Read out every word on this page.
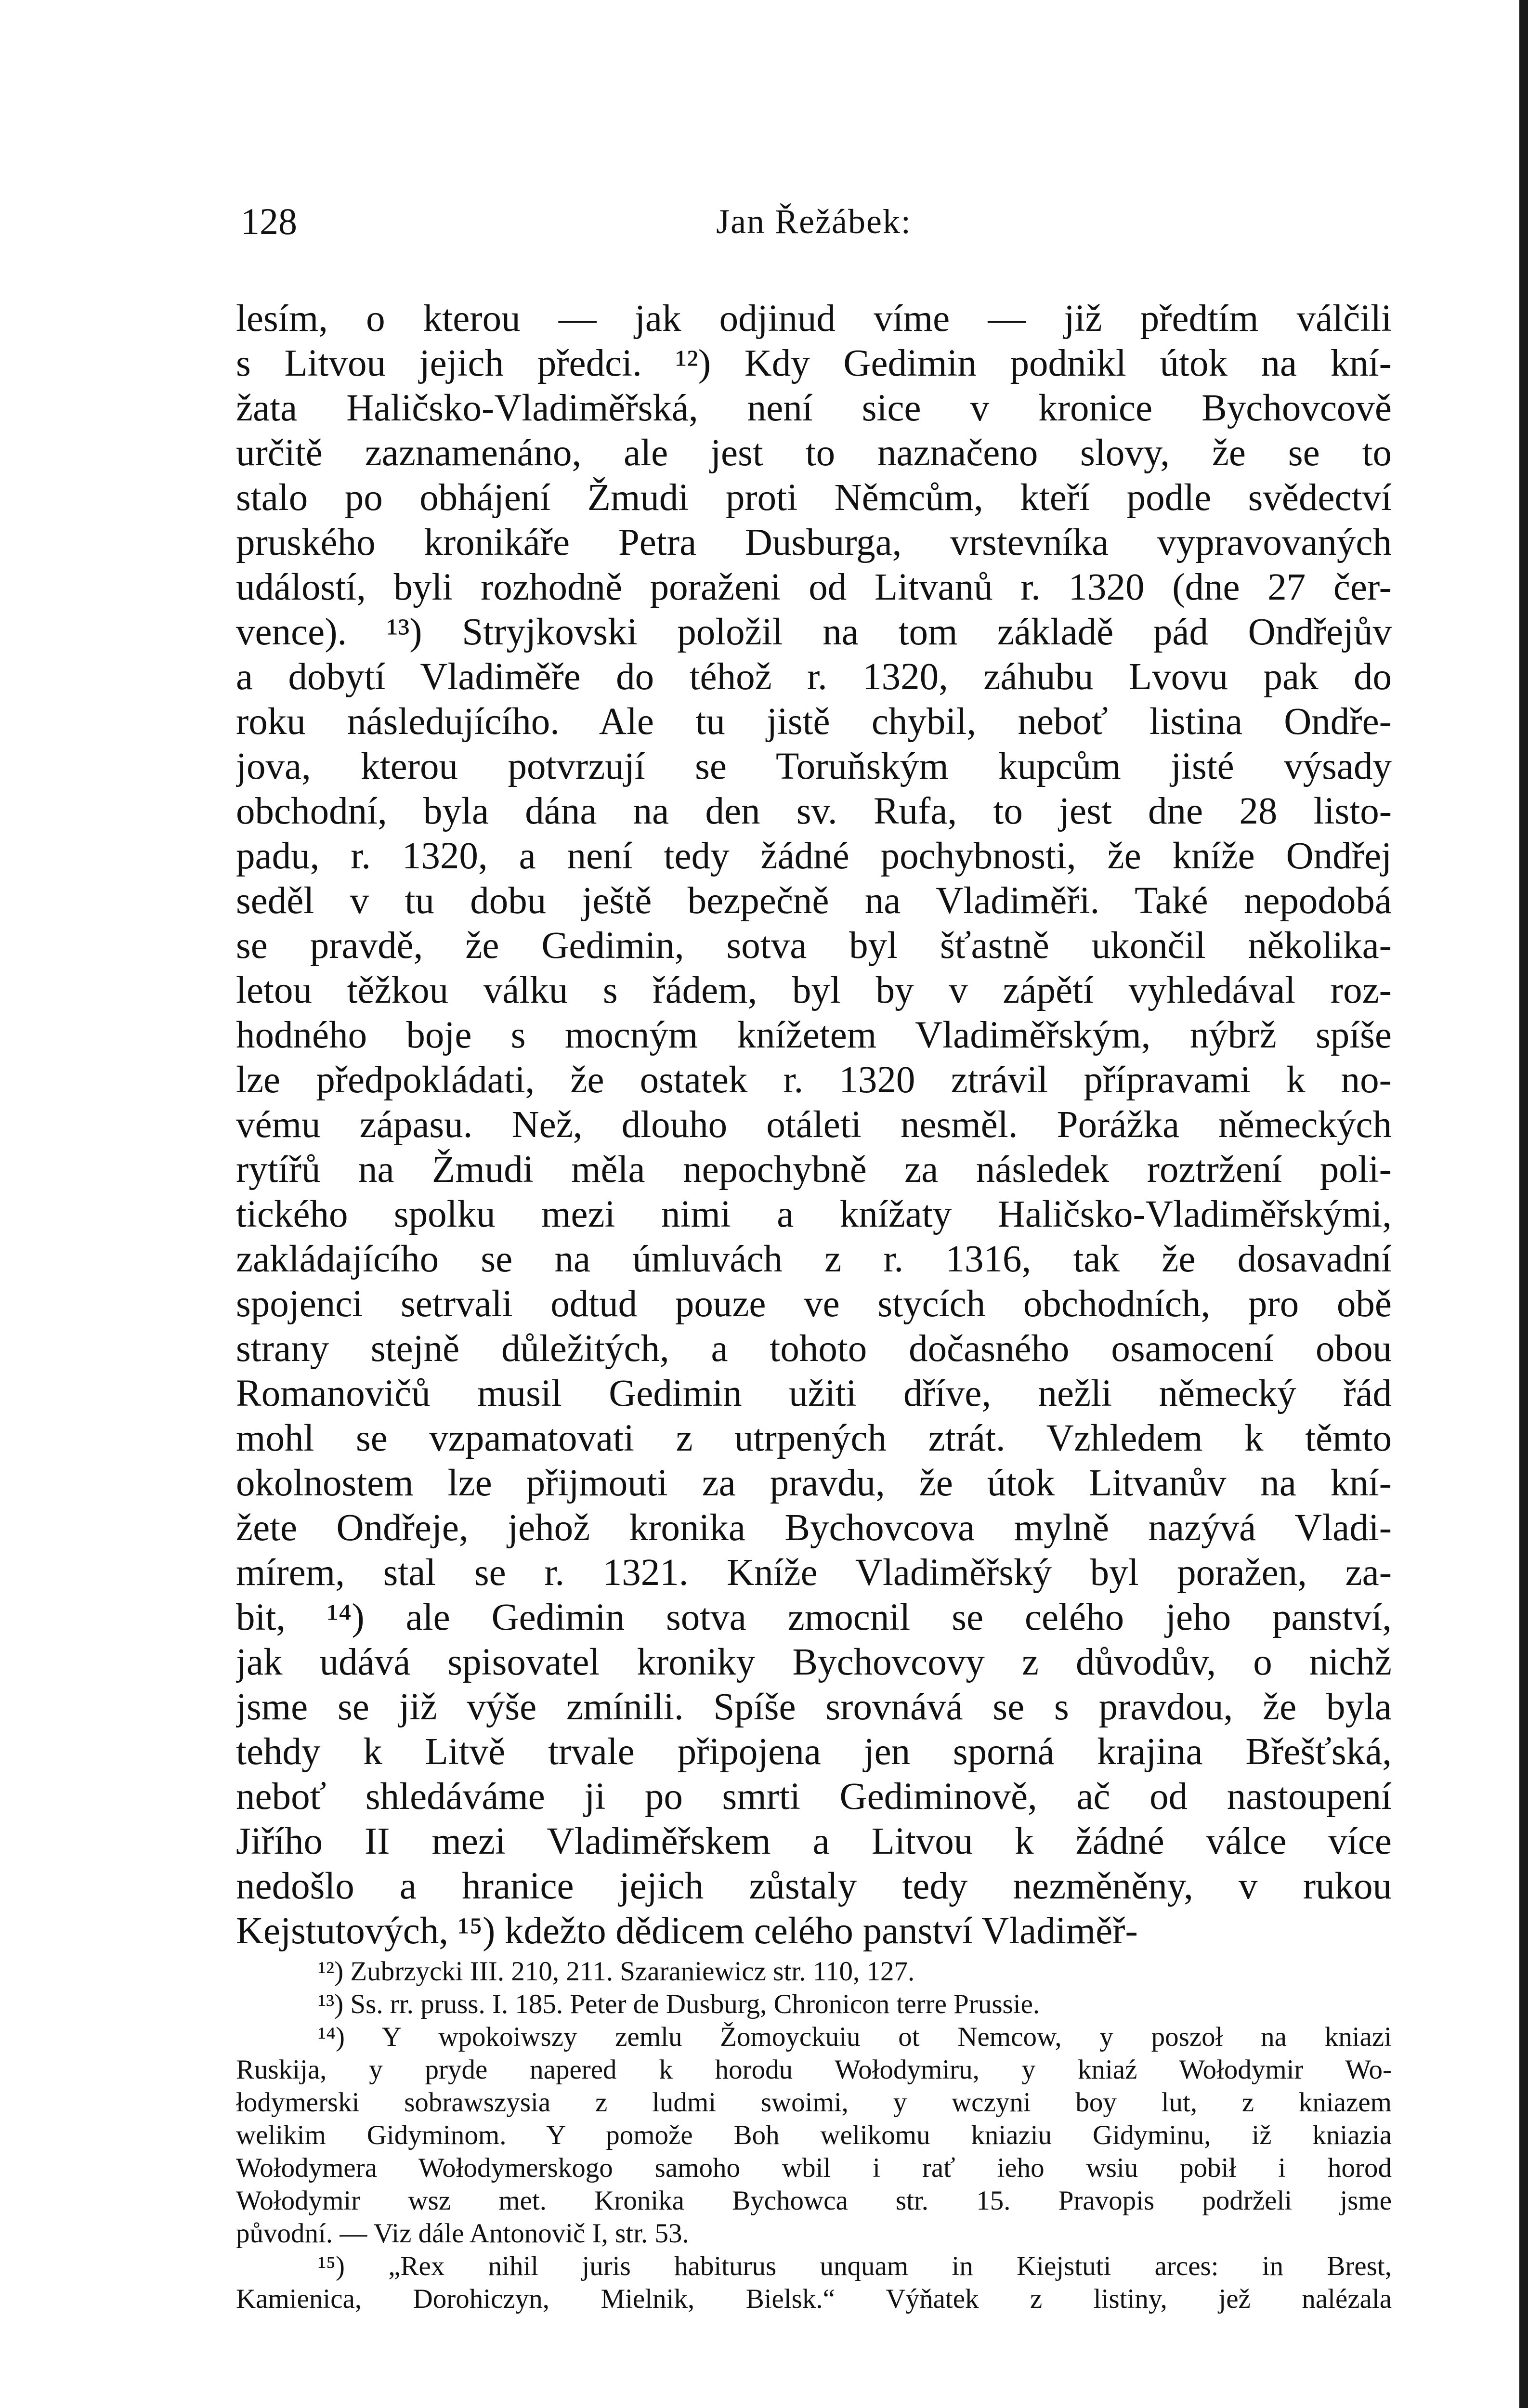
128	Jan Řežábek:
lesím, o kterou — jak odjinud víme — již předtím válčili
s Litvou jejich předci. ¹²) Kdy Gedimin podnikl útok na kní-
žata Haličsko-Vladiměřská, není sice v kronice Bychovcově
určitě zaznamenáno, ale jest to naznačeno slovy, že se to
stalo po obhájení Žmudi proti Němcům, kteří podle svědectví
pruského kronikáře Petra Dusburga, vrstevníka vypravovaných
událostí, byli rozhodně poraženi od Litvanů r. 1320 (dne 27 čer-
vence). ¹³) Stryjkovski položil na tom základě pád Ondřejův
a dobytí Vladiměře do téhož r. 1320, záhubu Lvovu pak do
roku následujícího. Ale tu jistě chybil, neboť listina Ondře-
jova, kterou potvrzují se Toruňským kupcům jisté výsady
obchodní, byla dána na den sv. Rufa, to jest dne 28 listo-
padu, r. 1320, a není tedy žádné pochybnosti, že kníže Ondřej
seděl v tu dobu ještě bezpečně na Vladiměři. Také nepodobá
se pravdě, že Gedimin, sotva byl šťastně ukončil několika-
letou těžkou válku s řádem, byl by v zápětí vyhledával roz-
hodného boje s mocným knížetem Vladiměřským, nýbrž spíše
lze předpokládati, že ostatek r. 1320 ztrávil přípravami k no-
vému zápasu. Než, dlouho otáleti nesměl. Porážka německých
rytířů na Žmudi měla nepochybně za následek roztržení poli-
tického spolku mezi nimi a knížaty Haličsko-Vladiměřskými,
zakládajícího se na úmluvách z r. 1316, tak že dosavadní
spojenci setrvali odtud pouze ve stycích obchodních, pro obě
strany stejně důležitých, a tohoto dočasného osamocení obou
Romanovičů musil Gedimin užiti dříve, nežli německý řád
mohl se vzpamatovati z utrpených ztrát. Vzhledem k těmto
okolnostem lze přijmouti za pravdu, že útok Litvanův na kní-
žete Ondřeje, jehož kronika Bychovcova mylně nazývá Vladi-
mírem, stal se r. 1321. Kníže Vladiměřský byl poražen, za-
bit, ¹⁴) ale Gedimin sotva zmocnil se celého jeho panství,
jak udává spisovatel kroniky Bychovcovy z důvodův, o nichž
jsme se již výše zmínili. Spíše srovnává se s pravdou, že byla
tehdy k Litvě trvale připojena jen sporná krajina Břešťská,
neboť shledáváme ji po smrti Gediminově, ač od nastoupení
Jiřího II mezi Vladiměřskem a Litvou k žádné válce více
nedošlo a hranice jejich zůstaly tedy nezměněny, v rukou
Kejstutových, ¹⁵) kdežto dědicem celého panství Vladiměř-
¹²) Zubrzycki III. 210, 211. Szaraniewicz str. 110, 127.
¹³) Ss. rr. pruss. I. 185. Peter de Dusburg, Chronicon terre Prussie.
¹⁴) Y wpokoiwszy zemlu Žomoyckuiu ot Nemcow, y poszoł na kniazi
Ruskija, y pryde napered k horodu Wołodymiru, y kniaź Wołodymir Wo-
łodymerski sobrawszysia z ludmi swoimi, y wczyni boy lut, z kniazem
welikim Gidyminom. Y pomože Boh welikomu kniaziu Gidyminu, iž kniazia
Wołodymera Wołodymerskogo samoho wbil i rať ieho wsiu pobił i horod
Wołodymir wsz met. Kronika Bychowca str. 15. Pravopis podrželi jsme
původní. — Viz dále Antonovič I, str. 53.
¹⁵) „Rex nihil juris habiturus unquam in Kiejstuti arces: in Brest,
Kamienica, Dorohiczyn, Mielnik, Bielsk.“ Výňatek z listiny, jež nalézala
